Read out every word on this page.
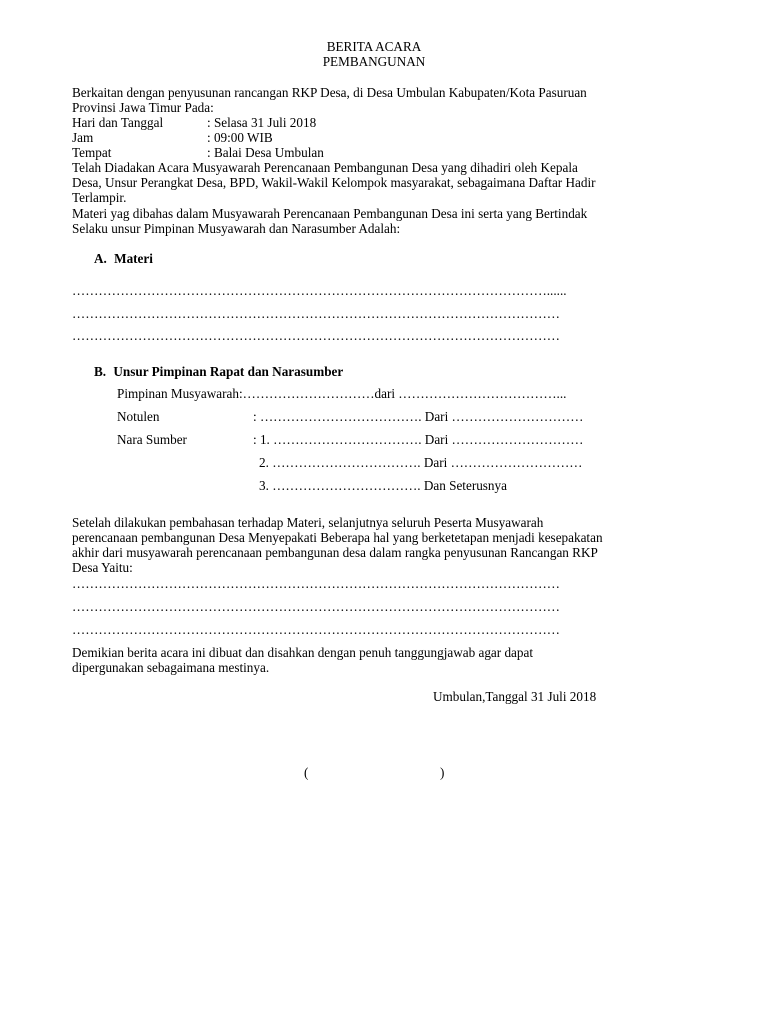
BERITA ACARA
PEMBANGUNAN
Berkaitan dengan penyusunan rancangan RKP Desa, di Desa Umbulan Kabupaten/Kota Pasuruan
Provinsi Jawa Timur Pada:
Hari dan Tanggal	: Selasa 31 Juli 2018
Jam	: 09:00 WIB
Tempat	: Balai Desa Umbulan
Telah Diadakan Acara Musyawarah Perencanaan Pembangunan Desa yang dihadiri oleh Kepala
Desa, Unsur Perangkat Desa, BPD, Wakil-Wakil Kelompok masyarakat, sebagaimana Daftar Hadir
Terlampir.
Materi yag dibahas dalam Musyawarah Perencanaan Pembangunan Desa ini serta yang Bertindak
Selaku unsur Pimpinan Musyawarah dan Narasumber Adalah:
A. Materi
………………………………………………………………………………………………......
…………………………………………………………………………………………………
…………………………………………………………………………………………………
B. Unsur Pimpinan Rapat dan Narasumber
Pimpinan Musyawarah:…………………………dari ………………………………...
Notulen	: ………………………………. Dari …………………………
Nara Sumber	: 1. ……………………………. Dari …………………………
2. ……………………………. Dari …………………………
3. ……………………………. Dan Seterusnya
Setelah dilakukan pembahasan terhadap Materi, selanjutnya seluruh Peserta Musyawarah
perencanaan pembangunan Desa Menyepakati Beberapa hal yang berketetapan menjadi kesepakatan
akhir dari musyawarah perencanaan pembangunan desa dalam rangka penyusunan Rancangan RKP
Desa Yaitu:
…………………………………………………………………………………………………
…………………………………………………………………………………………………
…………………………………………………………………………………………………
Demikian berita acara ini dibuat dan disahkan dengan penuh tanggungjawab agar dapat
dipergunakan sebagaimana mestinya.
Umbulan,Tanggal 31 Juli 2018
(	)
